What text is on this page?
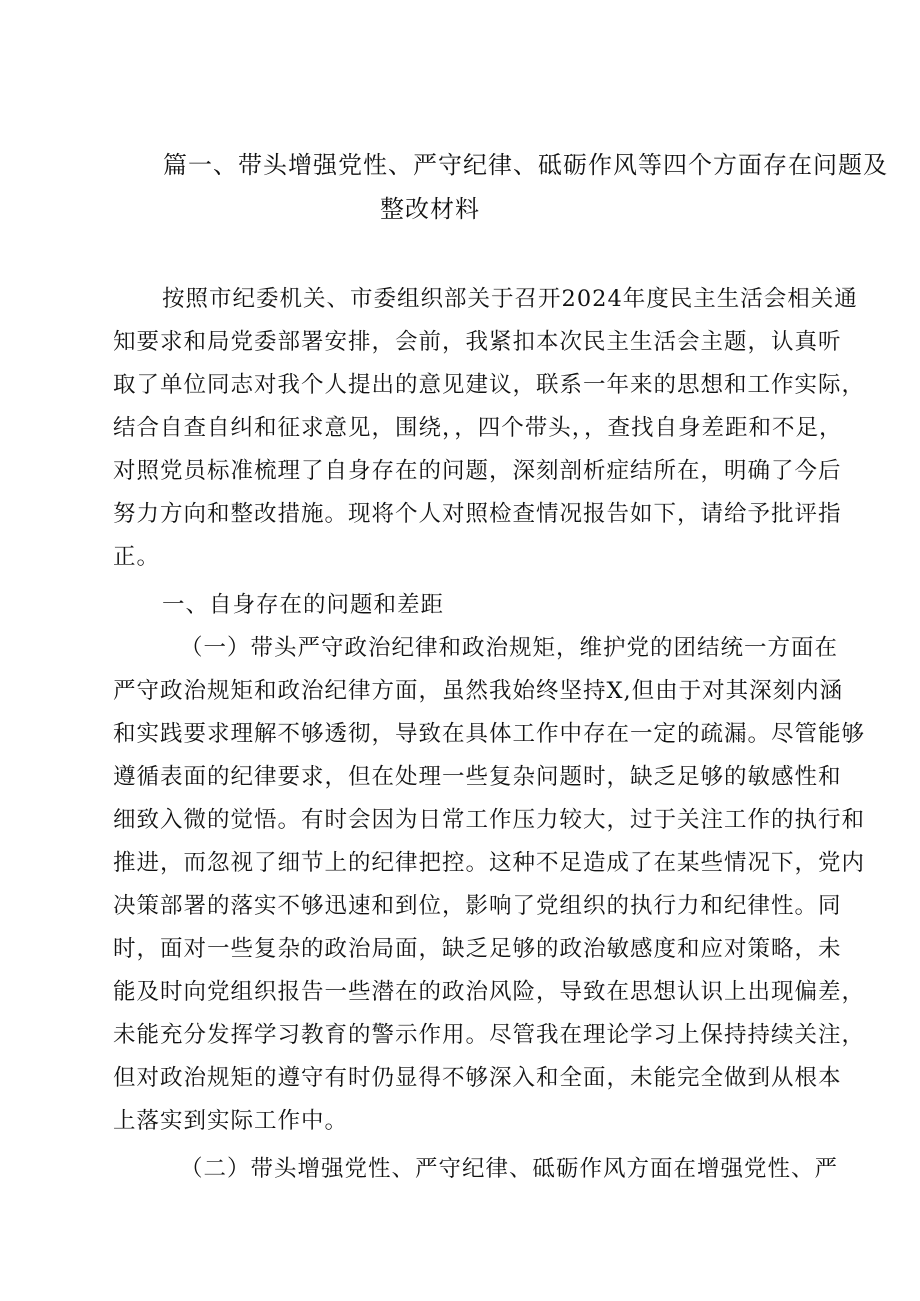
篇一、带头增强党性、严守纪律、砥砺作风等四个方面存在问题及
整改材料
按照市纪委机关、市委组织部关于召开2024年度民主生活会相关通
知要求和局党委部署安排，会前，我紧扣本次民主生活会主题，认真听
取了单位同志对我个人提出的意见建议，联系一年来的思想和工作实际，
结合自查自纠和征求意见，围绕，，四个带头，，查找自身差距和不足，
对照党员标准梳理了自身存在的问题，深刻剖析症结所在，明确了今后
努力方向和整改措施。现将个人对照检查情况报告如下，请给予批评指
正。
一、自身存在的问题和差距
（一）带头严守政治纪律和政治规矩，维护党的团结统一方面在
严守政治规矩和政治纪律方面，虽然我始终坚持X,但由于对其深刻内涵
和实践要求理解不够透彻，导致在具体工作中存在一定的疏漏。尽管能够
遵循表面的纪律要求，但在处理一些复杂问题时，缺乏足够的敏感性和
细致入微的觉悟。有时会因为日常工作压力较大，过于关注工作的执行和
推进，而忽视了细节上的纪律把控。这种不足造成了在某些情况下，党内
决策部署的落实不够迅速和到位，影响了党组织的执行力和纪律性。同
时，面对一些复杂的政治局面，缺乏足够的政治敏感度和应对策略，未
能及时向党组织报告一些潜在的政治风险，导致在思想认识上出现偏差，
未能充分发挥学习教育的警示作用。尽管我在理论学习上保持持续关注，
但对政治规矩的遵守有时仍显得不够深入和全面，未能完全做到从根本
上落实到实际工作中。
（二）带头增强党性、严守纪律、砥砺作风方面在增强党性、严
